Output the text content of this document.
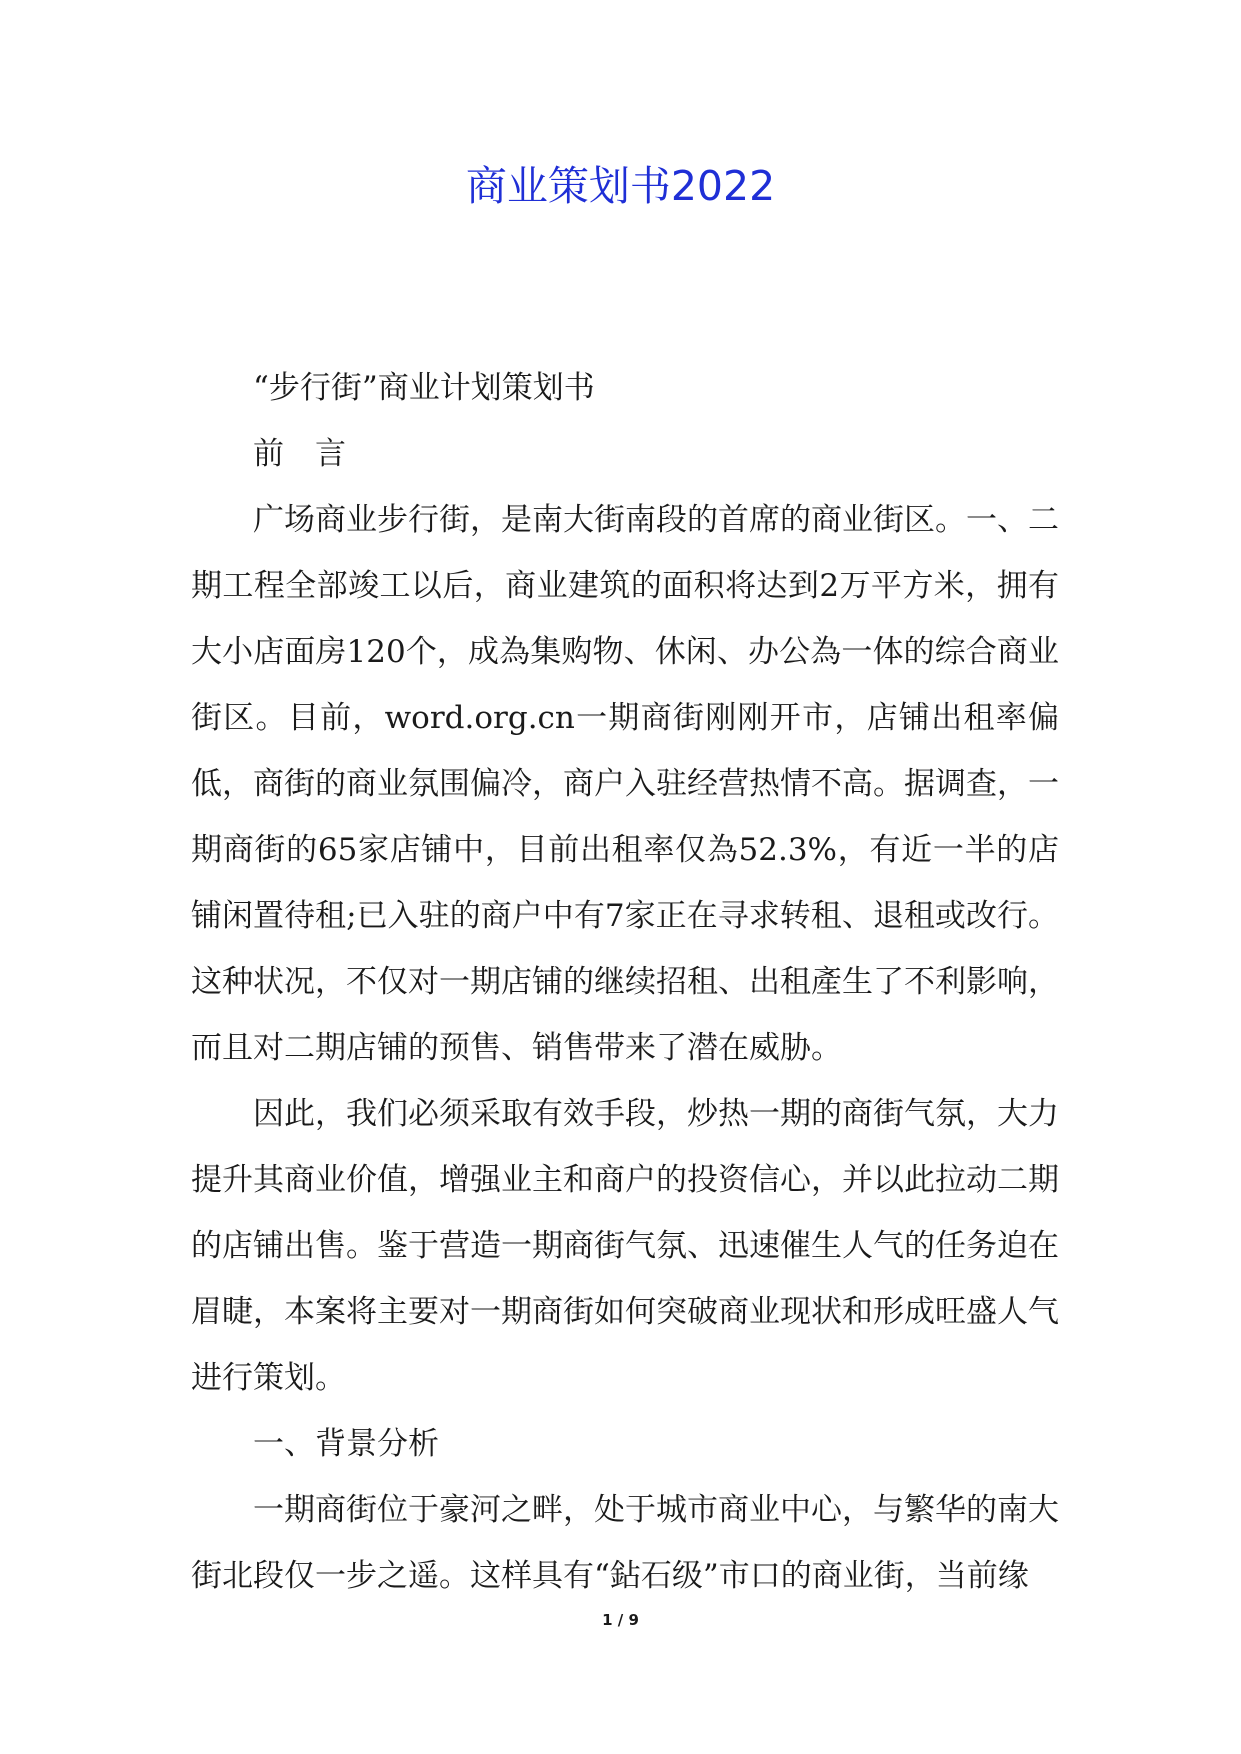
商业策划书2022

“步行街”商业计划策划书

前　言

广场商业步行街，是南大街南段的首席的商业街区。一、二期工程全部竣工以后，商业建筑的面积将达到2万平方米，拥有大小店面房120个，成為集购物、休闲、办公為一体的综合商业街区。目前，word.org.cn一期商街刚刚开市，店铺出租率偏低，商街的商业氛围偏冷，商户入驻经营热情不高。据调查，一期商街的65家店铺中，目前出租率仅為52.3%，有近一半的店铺闲置待租;已入驻的商户中有7家正在寻求转租、退租或改行。这种状况，不仅对一期店铺的继续招租、出租產生了不利影响，而且对二期店铺的预售、销售带来了潜在威胁。

因此，我们必须采取有效手段，炒热一期的商街气氛，大力提升其商业价值，增强业主和商户的投资信心，并以此拉动二期的店铺出售。鉴于营造一期商街气氛、迅速催生人气的任务迫在眉睫，本案将主要对一期商街如何突破商业现状和形成旺盛人气进行策划。

一、背景分析

一期商街位于豪河之畔，处于城市商业中心，与繁华的南大街北段仅一步之遥。这样具有“鉆石级”市口的商业街，当前缘

1 / 9
